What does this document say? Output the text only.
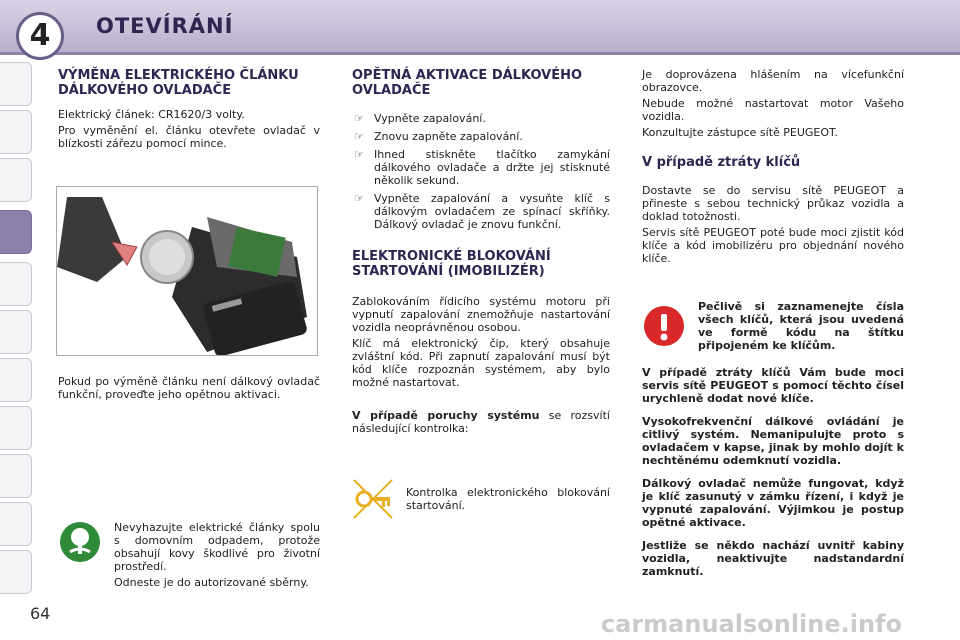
4	OTEVÍRÁNÍ
VÝMĚNA ELEKTRICKÉHO ČLÁNKU DÁLKOVÉHO OVLADAČE

Elektrický článek: CR1620/3 volty.

Pro vyměnění el. článku otevřete ovladač v blízkosti zářezu pomocí mince.

Pokud po výměně článku není dálkový ovladač funkční, proveďte jeho opětnou aktivaci.

Nevyhazujte elektrické články spolu s domovním odpadem, protože obsahují kovy škodlivé pro životní prostředí.

Odneste je do autorizované sběrny.

OPĚTNÁ AKTIVACE DÁLKOVÉHO OVLADAČE
☞ Vypněte zapalování.
☞ Znovu zapněte zapalování.
☞ Ihned stiskněte tlačítko zamykání dálkového ovladače a držte jej stisknuté několik sekund.
☞ Vypněte zapalování a vysuňte klíč s dálkovým ovladačem ze spínací skříňky. Dálkový ovladač je znovu funkční.
ELEKTRONICKÉ BLOKOVÁNÍ STARTOVÁNÍ (IMOBILIZÉR)

Zablokováním řídicího systému motoru při vypnutí zapalování znemožňuje nastartování vozidla neoprávněnou osobou.

Klíč má elektronický čip, který obsahuje zvláštní kód. Při zapnutí zapalování musí být kód klíče rozpoznán systémem, aby bylo možné nastartovat.

V případě poruchy systému se rozsvítí následující kontrolka:

Kontrolka elektronického blokování startování.

Je doprovázena hlášením na vícefunkční obrazovce.

Nebude možné nastartovat motor Vašeho vozidla.

Konzultujte zástupce sítě PEUGEOT.

V případě ztráty klíčů

Dostavte se do servisu sítě PEUGEOT a přineste s sebou technický průkaz vozidla a doklad totožnosti.

Servis sítě PEUGEOT poté bude moci zjistit kód klíče a kód imobilizéru pro objednání nového klíče.

Pečlivě si zaznamenejte čísla všech klíčů, která jsou uvedená ve formě kódu na štítku připojeném ke klíčům.

V případě ztráty klíčů Vám bude moci servis sítě PEUGEOT s pomocí těchto čísel urychleně dodat nové klíče.

Vysokofrekvenční dálkové ovládání je citlivý systém. Nemanipulujte proto s ovladačem v kapse, jinak by mohlo dojít k nechtěnému odemknutí vozidla.

Dálkový ovladač nemůže fungovat, když je klíč zasunutý v zámku řízení, i když je vypnuté zapalování. Výjimkou je postup opětné aktivace.

Jestliže se někdo nachází uvnitř kabiny vozidla, neaktivujte nadstandardní zamknutí.

64	carmanualsonline.info
